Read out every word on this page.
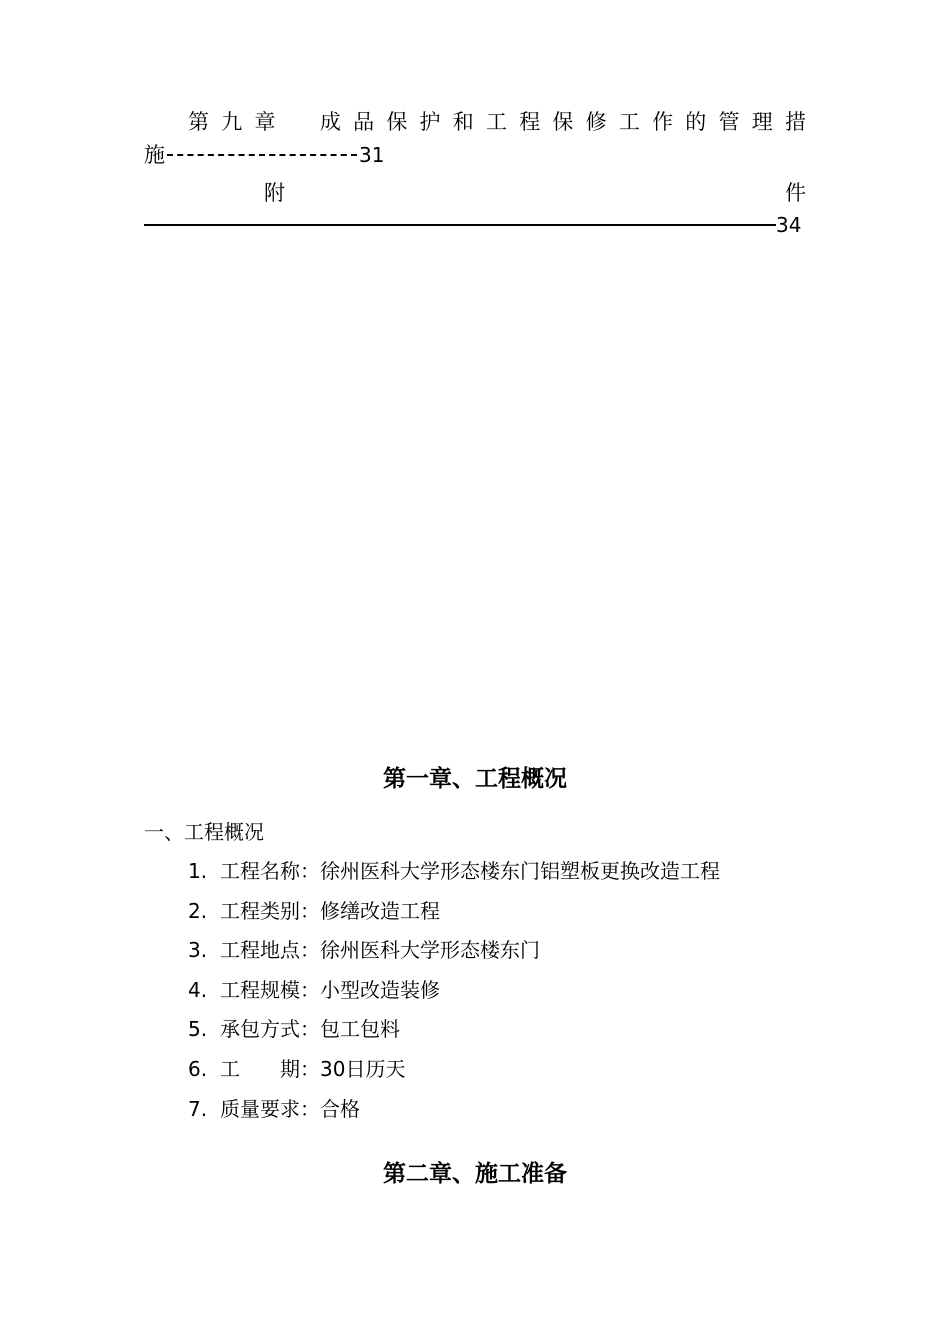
第 九 章 成 品 保 护 和 工 程 保 修 工 作 的 管 理 措
施	31
附	件
34
第一章、工程概况
一、工程概况
1. 工程名称：徐州医科大学形态楼东门铝塑板更换改造工程
2. 工程类别：修缮改造工程
3. 工程地点：徐州医科大学形态楼东门
4. 工程规模：小型改造装修
5. 承包方式：包工包料
6. 工　　期：30日历天
7. 质量要求：合格
第二章、施工准备
